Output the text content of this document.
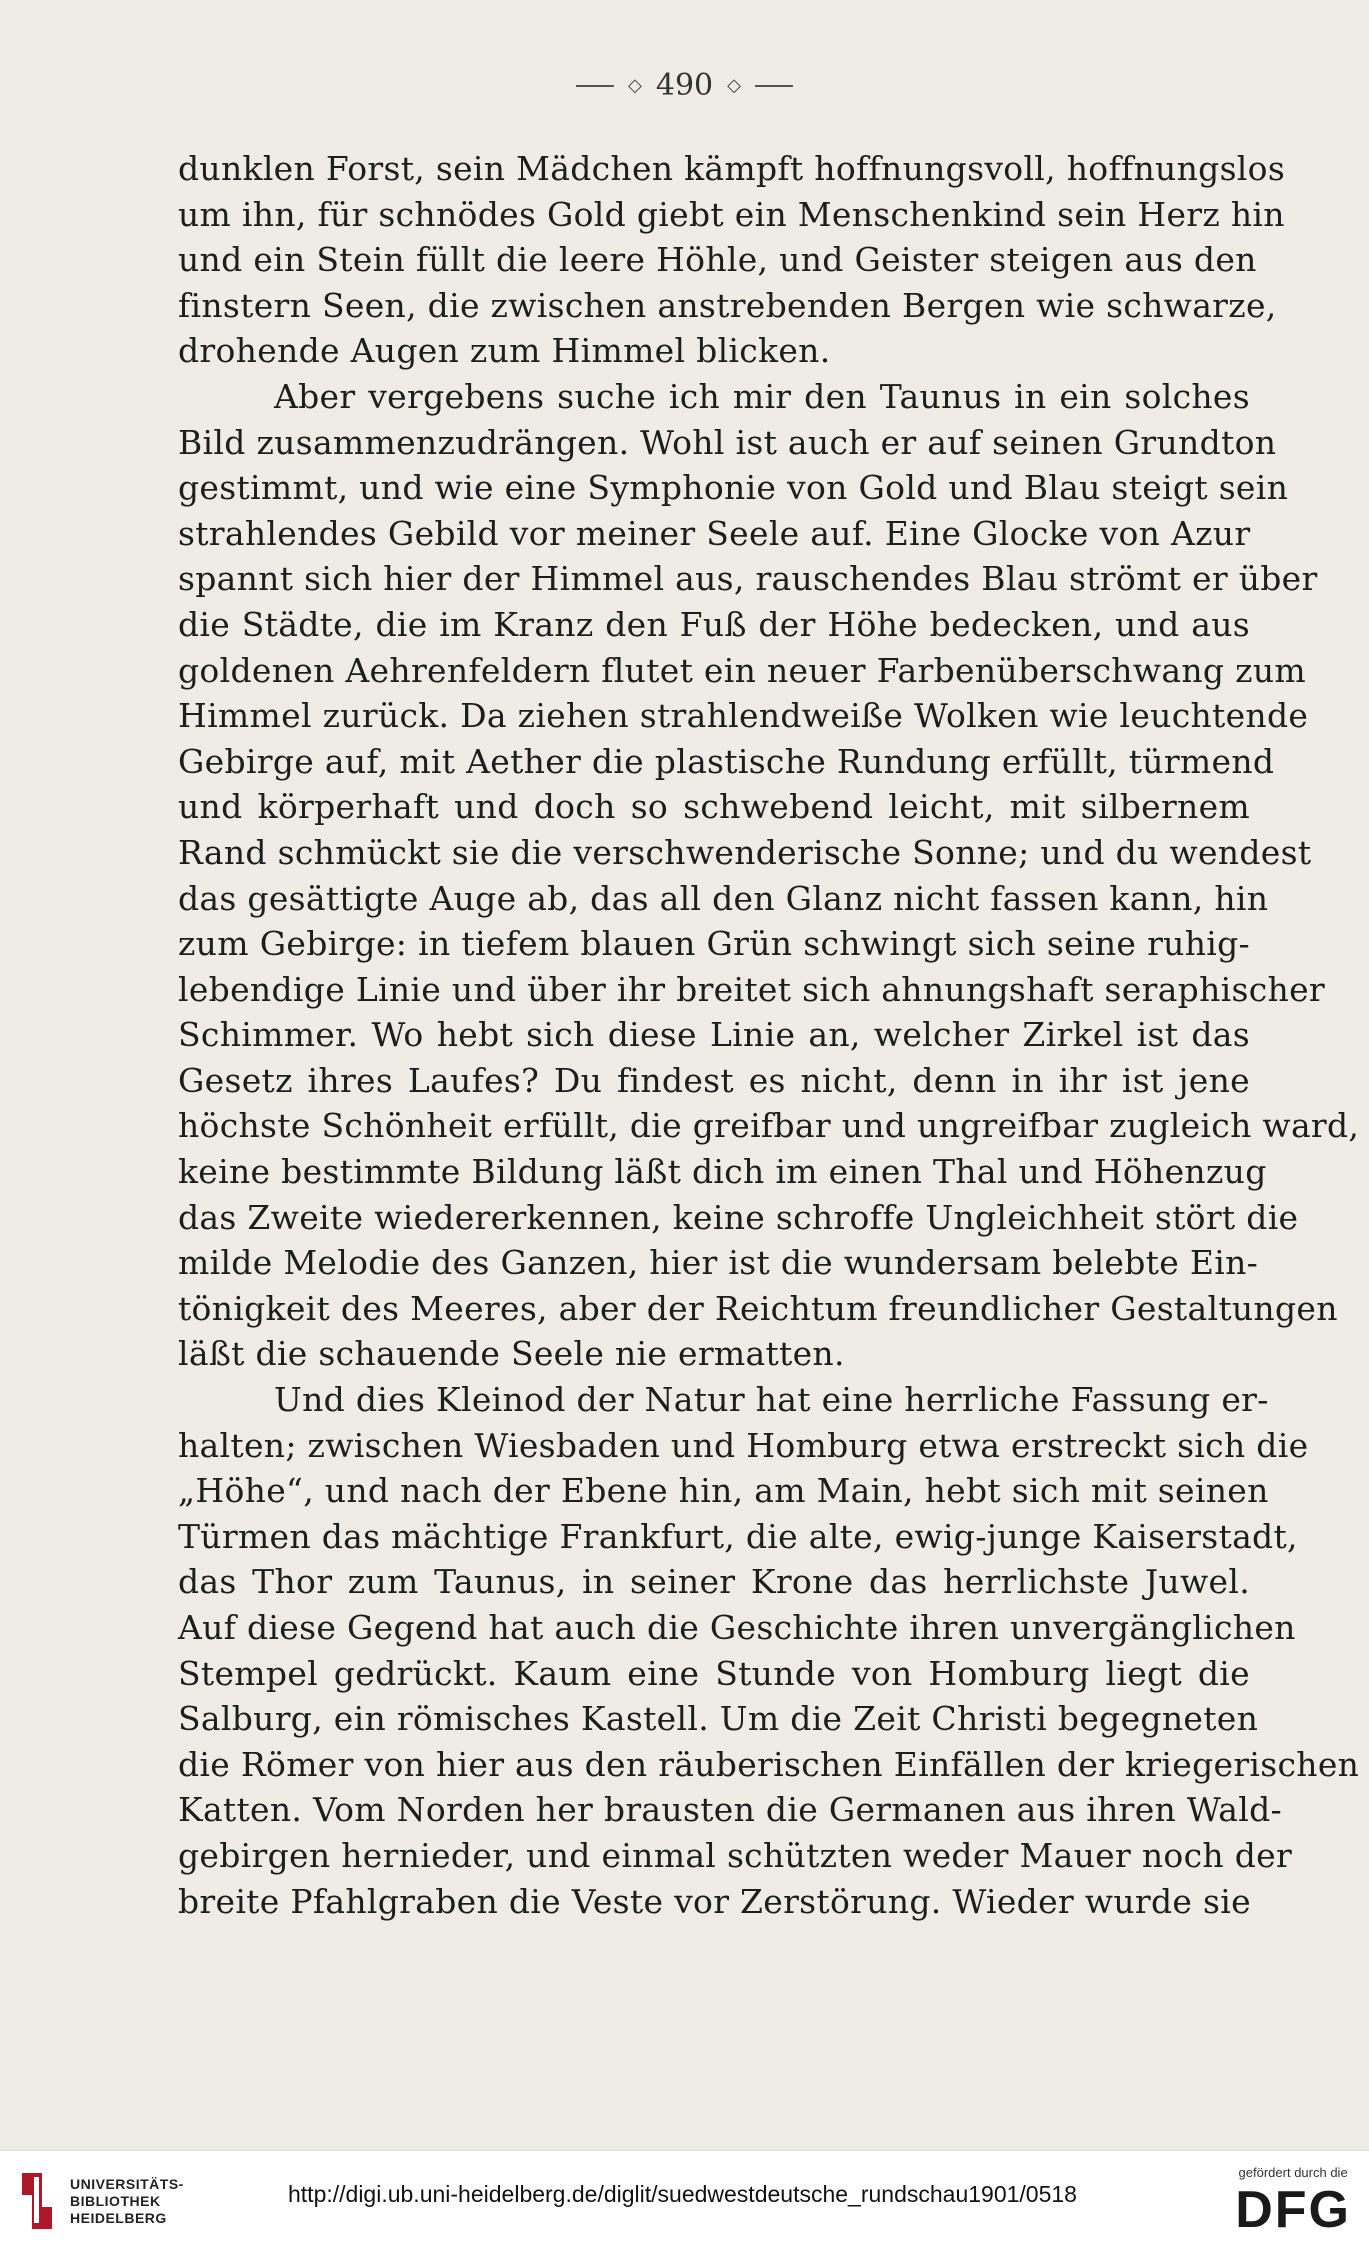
◇ 490 ◇
dunklen Forst, sein Mädchen kämpft hoffnungsvoll, hoffnungslos
um ihn, für schnödes Gold giebt ein Menschenkind sein Herz hin
und ein Stein füllt die leere Höhle, und Geister steigen aus den
finstern Seen, die zwischen anstrebenden Bergen wie schwarze,
drohende Augen zum Himmel blicken.
Aber vergebens suche ich mir den Taunus in ein solches
Bild zusammenzudrängen. Wohl ist auch er auf seinen Grundton
gestimmt, und wie eine Symphonie von Gold und Blau steigt sein
strahlendes Gebild vor meiner Seele auf. Eine Glocke von Azur
spannt sich hier der Himmel aus, rauschendes Blau strömt er über
die Städte, die im Kranz den Fuß der Höhe bedecken, und aus
goldenen Aehrenfeldern flutet ein neuer Farbenüberschwang zum
Himmel zurück. Da ziehen strahlendweiße Wolken wie leuchtende
Gebirge auf, mit Aether die plastische Rundung erfüllt, türmend
und körperhaft und doch so schwebend leicht, mit silbernem
Rand schmückt sie die verschwenderische Sonne; und du wendest
das gesättigte Auge ab, das all den Glanz nicht fassen kann, hin
zum Gebirge: in tiefem blauen Grün schwingt sich seine ruhig-
lebendige Linie und über ihr breitet sich ahnungshaft seraphischer
Schimmer. Wo hebt sich diese Linie an, welcher Zirkel ist das
Gesetz ihres Laufes? Du findest es nicht, denn in ihr ist jene
höchste Schönheit erfüllt, die greifbar und ungreifbar zugleich ward,
keine bestimmte Bildung läßt dich im einen Thal und Höhenzug
das Zweite wiedererkennen, keine schroffe Ungleichheit stört die
milde Melodie des Ganzen, hier ist die wundersam belebte Ein-
tönigkeit des Meeres, aber der Reichtum freundlicher Gestaltungen
läßt die schauende Seele nie ermatten.
Und dies Kleinod der Natur hat eine herrliche Fassung er-
halten; zwischen Wiesbaden und Homburg etwa erstreckt sich die
„Höhe“, und nach der Ebene hin, am Main, hebt sich mit seinen
Türmen das mächtige Frankfurt, die alte, ewig-junge Kaiserstadt,
das Thor zum Taunus, in seiner Krone das herrlichste Juwel.
Auf diese Gegend hat auch die Geschichte ihren unvergänglichen
Stempel gedrückt. Kaum eine Stunde von Homburg liegt die
Salburg, ein römisches Kastell. Um die Zeit Christi begegneten
die Römer von hier aus den räuberischen Einfällen der kriegerischen
Katten. Vom Norden her brausten die Germanen aus ihren Wald-
gebirgen hernieder, und einmal schützten weder Mauer noch der
breite Pfahlgraben die Veste vor Zerstörung. Wieder wurde sie
UNIVERSITÄTS-
BIBLIOTHEK
HEIDELBERG
http://digi.ub.uni-heidelberg.de/diglit/suedwestdeutsche_rundschau1901/0518
gefördert durch die
DFG
